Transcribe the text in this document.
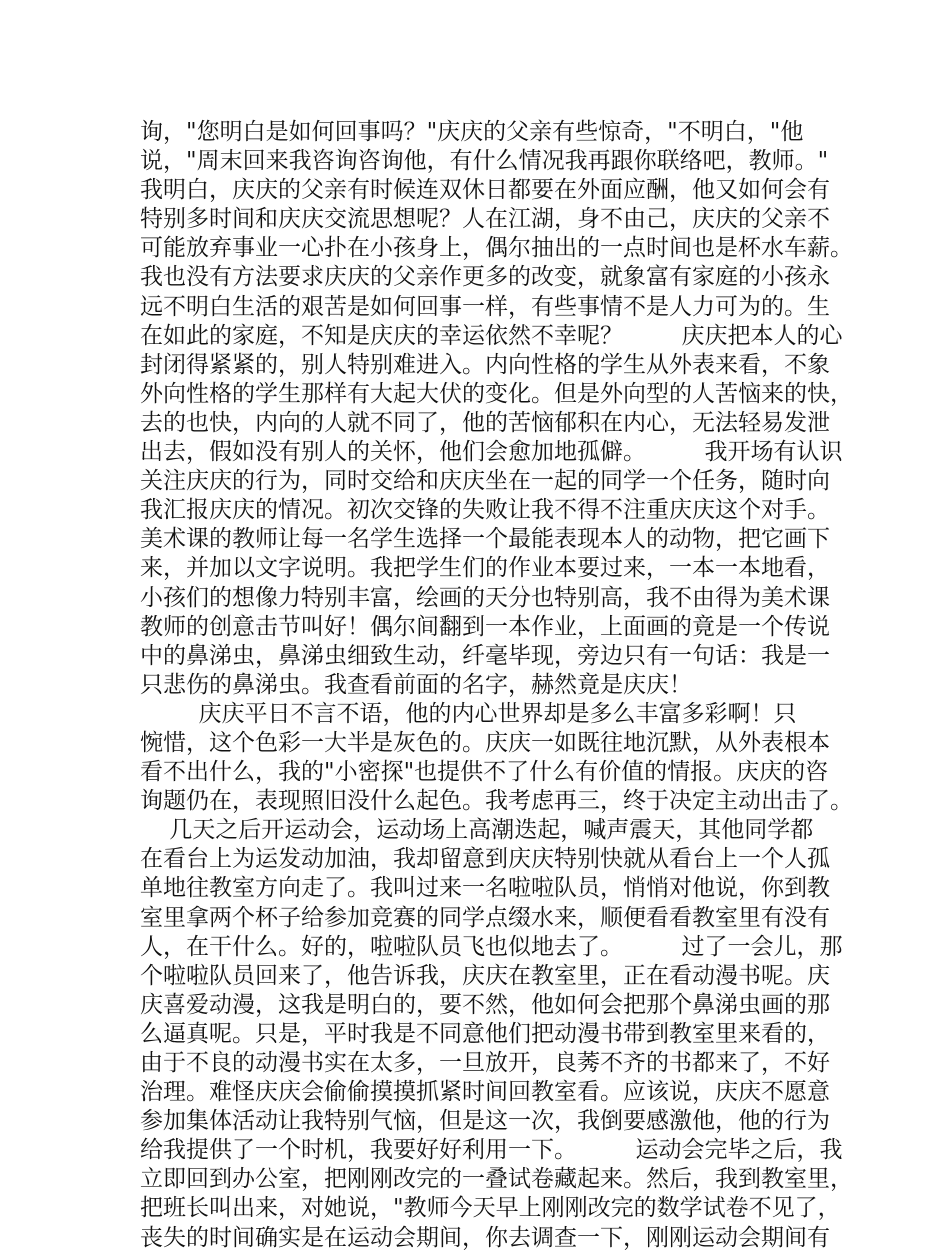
询，"您明白是如何回事吗？"庆庆的父亲有些惊奇，"不明白，"他
说，"周末回来我咨询咨询他，有什么情况我再跟你联络吧，教师。"
我明白，庆庆的父亲有时候连双休日都要在外面应酬，他又如何会有
特别多时间和庆庆交流思想呢？人在江湖，身不由己，庆庆的父亲不
可能放弃事业一心扑在小孩身上，偶尔抽出的一点时间也是杯水车薪。
我也没有方法要求庆庆的父亲作更多的改变，就象富有家庭的小孩永
远不明白生活的艰苦是如何回事一样，有些事情不是人力可为的。生
在如此的家庭，不知是庆庆的幸运依然不幸呢？        庆庆把本人的心
封闭得紧紧的，别人特别难进入。内向性格的学生从外表来看，不象
外向性格的学生那样有大起大伏的变化。但是外向型的人苦恼来的快，
去的也快，内向的人就不同了，他的苦恼郁积在内心，无法轻易发泄
出去，假如没有别人的关怀，他们会愈加地孤僻。        我开场有认识
关注庆庆的行为，同时交给和庆庆坐在一起的同学一个任务，随时向
我汇报庆庆的情况。初次交锋的失败让我不得不注重庆庆这个对手。
美术课的教师让每一名学生选择一个最能表现本人的动物，把它画下
来，并加以文字说明。我把学生们的作业本要过来，一本一本地看，
小孩们的想像力特别丰富，绘画的天分也特别高，我不由得为美术课
教师的创意击节叫好！偶尔间翻到一本作业，上面画的竟是一个传说
中的鼻涕虫，鼻涕虫细致生动，纤毫毕现，旁边只有一句话：我是一
只悲伤的鼻涕虫。我查看前面的名字，赫然竟是庆庆！
庆庆平日不言不语，他的内心世界却是多么丰富多彩啊！只
惋惜，这个色彩一大半是灰色的。庆庆一如既往地沉默，从外表根本
看不出什么，我的"小密探"也提供不了什么有价值的情报。庆庆的咨
询题仍在，表现照旧没什么起色。我考虑再三，终于决定主动出击了。
几天之后开运动会，运动场上高潮迭起，喊声震天，其他同学都
在看台上为运发动加油，我却留意到庆庆特别快就从看台上一个人孤
单地往教室方向走了。我叫过来一名啦啦队员，悄悄对他说，你到教
室里拿两个杯子给参加竞赛的同学点缀水来，顺便看看教室里有没有
人，在干什么。好的，啦啦队员飞也似地去了。        过了一会儿，那
个啦啦队员回来了，他告诉我，庆庆在教室里，正在看动漫书呢。庆
庆喜爱动漫，这我是明白的，要不然，他如何会把那个鼻涕虫画的那
么逼真呢。只是，平时我是不同意他们把动漫书带到教室里来看的，
由于不良的动漫书实在太多，一旦放开，良莠不齐的书都来了，不好
治理。难怪庆庆会偷偷摸摸抓紧时间回教室看。应该说，庆庆不愿意
参加集体活动让我特别气恼，但是这一次，我倒要感激他，他的行为
给我提供了一个时机，我要好好利用一下。        运动会完毕之后，我
立即回到办公室，把刚刚改完的一叠试卷藏起来。然后，我到教室里，
把班长叫出来，对她说，"教师今天早上刚刚改完的数学试卷不见了，
丧失的时间确实是在运动会期间，你去调查一下，刚刚运动会期间有
